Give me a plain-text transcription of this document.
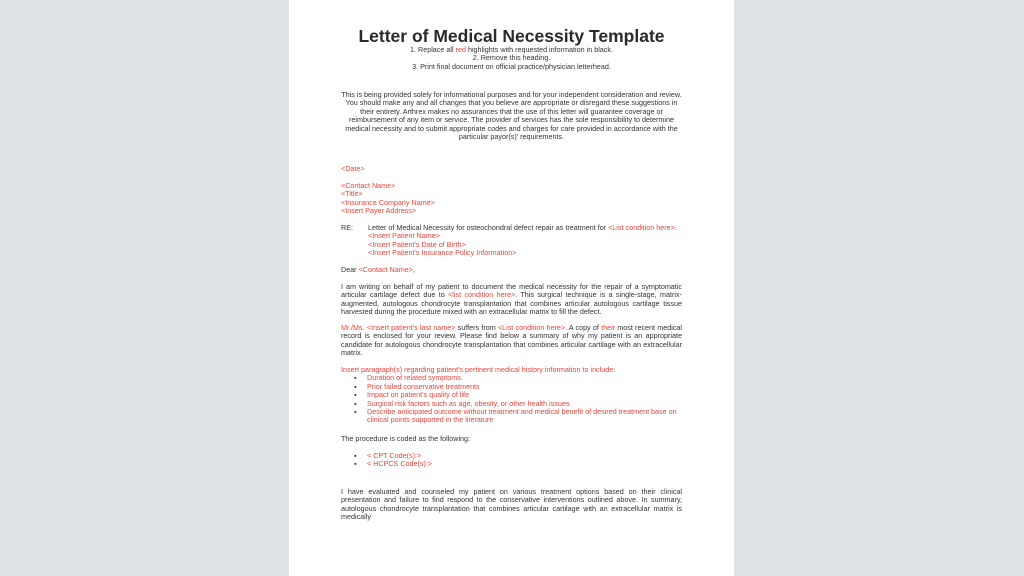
Letter of Medical Necessity Template
1. Replace all red highlights with requested information in black.
2. Remove this heading.
3. Print final document on official practice/physician letterhead.
This is being provided solely for informational purposes and for your independent consideration and review. You should make any and all changes that you believe are appropriate or disregard these suggestions in their entirety. Arthrex makes no assurances that the use of this letter will guarantee coverage or reimbursement of any item or service. The provider of services has the sole responsibility to determine medical necessity and to submit appropriate codes and charges for care provided in accordance with the particular payor(s)' requirements.
<Date>
<Contact Name>
<Title>
<Insurance Company Name>
<Insert Payer Address>
RE:	Letter of Medical Necessity for osteochondral defect repair as treatment for <List condition here>.
<Insert Patient Name>
<Insert Patient's Date of Birth>
<Insert Patient's Insurance Policy Information>
Dear <Contact Name>,
I am writing on behalf of my patient to document the medical necessity for the repair of a symptomatic articular cartilage defect due to <list condition here>. This surgical technique is a single-stage, matrix-augmented, autologous chondrocyte transplantation that combines articular autologous cartilage tissue harvested during the procedure mixed with an extracellular matrix to fill the defect.
Mr./Ms. <Insert patient's last name> suffers from <List condition here>. A copy of their most recent medical record is enclosed for your review. Please find below a summary of why my patient is an appropriate candidate for autologous chondrocyte transplantation that combines articular cartilage with an extracellular matrix.
Insert paragraph(s) regarding patient's pertinent medical history information to include:
▪ Duration of related symptoms
▪ Prior failed conservative treatments
▪ Impact on patient's quality of life
▪ Surgical risk factors such as age, obesity, or other health issues
▪ Describe anticipated outcome without treatment and medical benefit of desired treatment base on clinical points supported in the literature
The procedure is coded as the following:
▪ < CPT Code(s):>
▪ < HCPCS Code(s):>
I have evaluated and counseled my patient on various treatment options based on their clinical presentation and failure to find respond to the conservative interventions outlined above. In summary, autologous chondrocyte transplantation that combines articular cartilage with an extracellular matrix is medically
